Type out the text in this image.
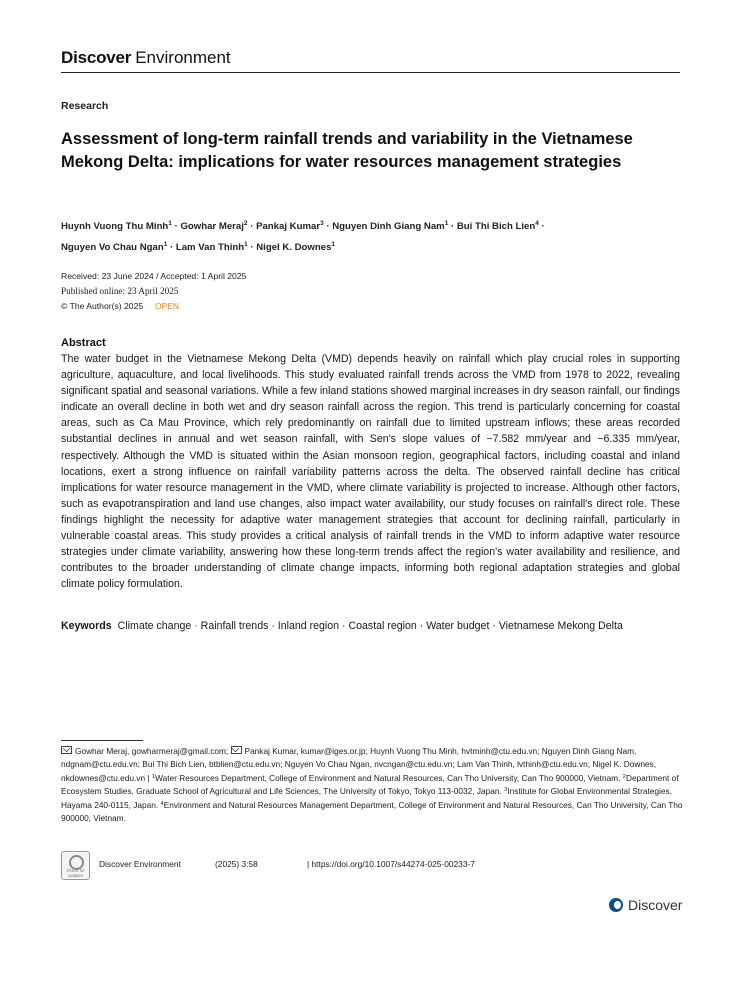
Discover Environment
Research
Assessment of long-term rainfall trends and variability in the Vietnamese Mekong Delta: implications for water resources management strategies
Huynh Vuong Thu Minh$^1$ · Gowhar Meraj$^2$ · Pankaj Kumar$^3$ · Nguyen Dinh Giang Nam$^1$ · Bui Thi Bich Lien$^4$ ·
Nguyen Vo Chau Ngan$^1$ · Lam Van Thinh$^1$ · Nigel K. Downes$^1$
Received: 23 June 2024 / Accepted: 1 April 2025
Published online: 23 April 2025
© The Author(s) 2025 OPEN
Abstract
The water budget in the Vietnamese Mekong Delta (VMD) depends heavily on rainfall which play crucial roles in supporting agriculture, aquaculture, and local livelihoods. This study evaluated rainfall trends across the VMD from 1978 to 2022, revealing significant spatial and seasonal variations. While a few inland stations showed marginal increases in dry season rainfall, our findings indicate an overall decline in both wet and dry season rainfall across the region. This trend is particularly concerning for coastal areas, such as Ca Mau Province, which rely predominantly on rainfall due to limited upstream inflows; these areas recorded substantial declines in annual and wet season rainfall, with Sen's slope values of −7.582 mm/year and −6.335 mm/year, respectively. Although the VMD is situated within the Asian monsoon region, geographical factors, including coastal and inland locations, exert a strong influence on rainfall variability patterns across the delta. The observed rainfall decline has critical implications for water resource management in the VMD, where climate variability is projected to increase. Although other factors, such as evapotranspiration and land use changes, also impact water availability, our study focuses on rainfall's direct role. These findings highlight the necessity for adaptive water management strategies that account for declining rainfall, particularly in vulnerable coastal areas. This study provides a critical analysis of rainfall trends in the VMD to inform adaptive water resource strategies under climate variability, answering how these long-term trends affect the region's water availability and resilience, and contributes to the broader understanding of climate change impacts, informing both regional adaptation strategies and global climate policy formulation.
Keywords Climate change · Rainfall trends · Inland region · Coastal region · Water budget · Vietnamese Mekong Delta
Gowhar Meraj, gowharmeraj@gmail.com; Pankaj Kumar, kumar@iges.or.jp; Huynh Vuong Thu Minh, hvtminh@ctu.edu.vn; Nguyen Dinh Giang Nam, ndgnam@ctu.edu.vn; Bui Thi Bich Lien, btblien@ctu.edu.vn; Nguyen Vo Chau Ngan, nvcngan@ctu.edu.vn; Lam Van Thinh, lvthinh@ctu.edu.vn; Nigel K. Downes, nkdownes@ctu.edu.vn | $^1$Water Resources Department, College of Environment and Natural Resources, Can Tho University, Can Tho 900000, Vietnam. $^2$Department of Ecosystem Studies, Graduate School of Agricultural and Life Sciences, The University of Tokyo, Tokyo 113-0032, Japan. $^3$Institute for Global Environmental Strategies, Hayama 240-0115, Japan. $^4$Environment and Natural Resources Management Department, College of Environment and Natural Resources, Can Tho University, Can Tho 900000, Vietnam.
Check for updates
Discover Environment	(2025) 3:58	| https://doi.org/10.1007/s44274-025-00233-7
Discover
